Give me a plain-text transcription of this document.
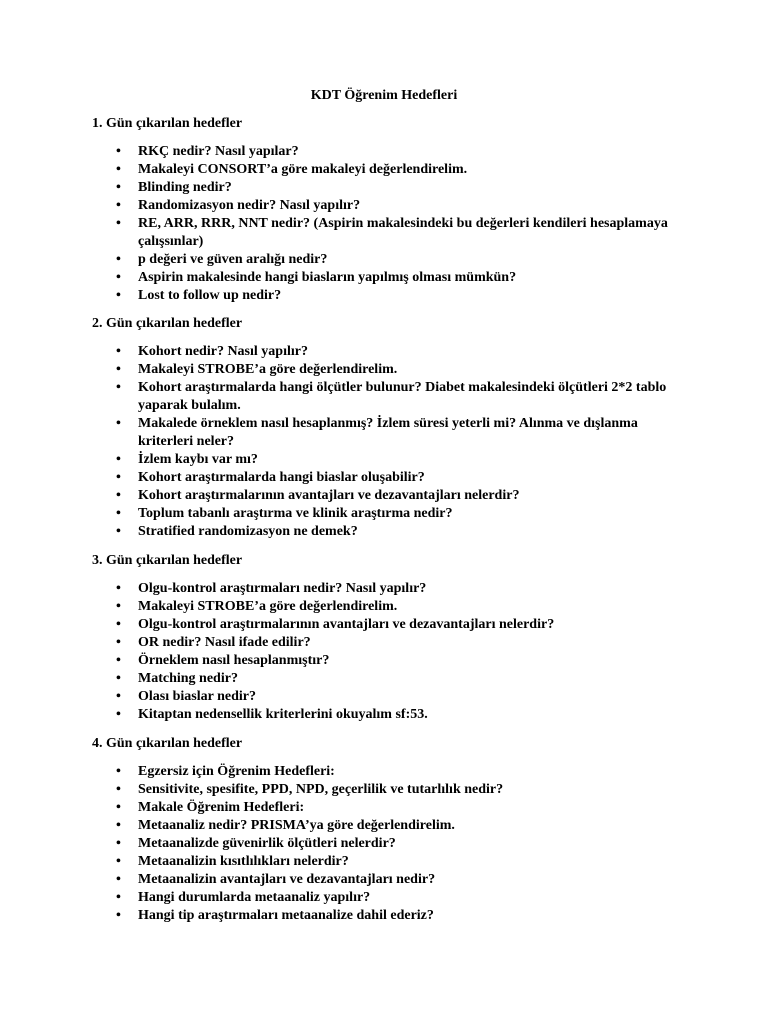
KDT Öğrenim Hedefleri

1. Gün çıkarılan hedefler

• RKÇ nedir? Nasıl yapılar?
• Makaleyi CONSORT’a göre makaleyi değerlendirelim.
• Blinding nedir?
• Randomizasyon nedir? Nasıl yapılır?
• RE, ARR, RRR, NNT nedir? (Aspirin makalesindeki bu değerleri kendileri hesaplamaya çalışsınlar)
• p değeri ve güven aralığı nedir?
• Aspirin makalesinde hangi biasların yapılmış olması mümkün?
• Lost to follow up nedir?

2. Gün çıkarılan hedefler

• Kohort nedir? Nasıl yapılır?
• Makaleyi STROBE’a göre değerlendirelim.
• Kohort araştırmalarda hangi ölçütler bulunur? Diabet makalesindeki ölçütleri 2*2 tablo yaparak bulalım.
• Makalede örneklem nasıl hesaplanmış? İzlem süresi yeterli mi? Alınma ve dışlanma kriterleri neler?
• İzlem kaybı var mı?
• Kohort araştırmalarda hangi biaslar oluşabilir?
• Kohort araştırmalarının avantajları ve dezavantajları nelerdir?
• Toplum tabanlı araştırma ve klinik araştırma nedir?
• Stratified randomizasyon ne demek?

3. Gün çıkarılan hedefler

• Olgu-kontrol araştırmaları nedir? Nasıl yapılır?
• Makaleyi STROBE’a göre değerlendirelim.
• Olgu-kontrol araştırmalarının avantajları ve dezavantajları nelerdir?
• OR nedir? Nasıl ifade edilir?
• Örneklem nasıl hesaplanmıştır?
• Matching nedir?
• Olası biaslar nedir?
• Kitaptan nedensellik kriterlerini okuyalım sf:53.

4. Gün çıkarılan hedefler

• Egzersiz için Öğrenim Hedefleri:
• Sensitivite, spesifite, PPD, NPD, geçerlilik ve tutarlılık nedir?
• Makale Öğrenim Hedefleri:
• Metaanaliz nedir? PRISMA’ya göre değerlendirelim.
• Metaanalizde güvenirlik ölçütleri nelerdir?
• Metaanalizin kısıtlılıkları nelerdir?
• Metaanalizin avantajları ve dezavantajları nedir?
• Hangi durumlarda metaanaliz yapılır?
• Hangi tip araştırmaları metaanalize dahil ederiz?
